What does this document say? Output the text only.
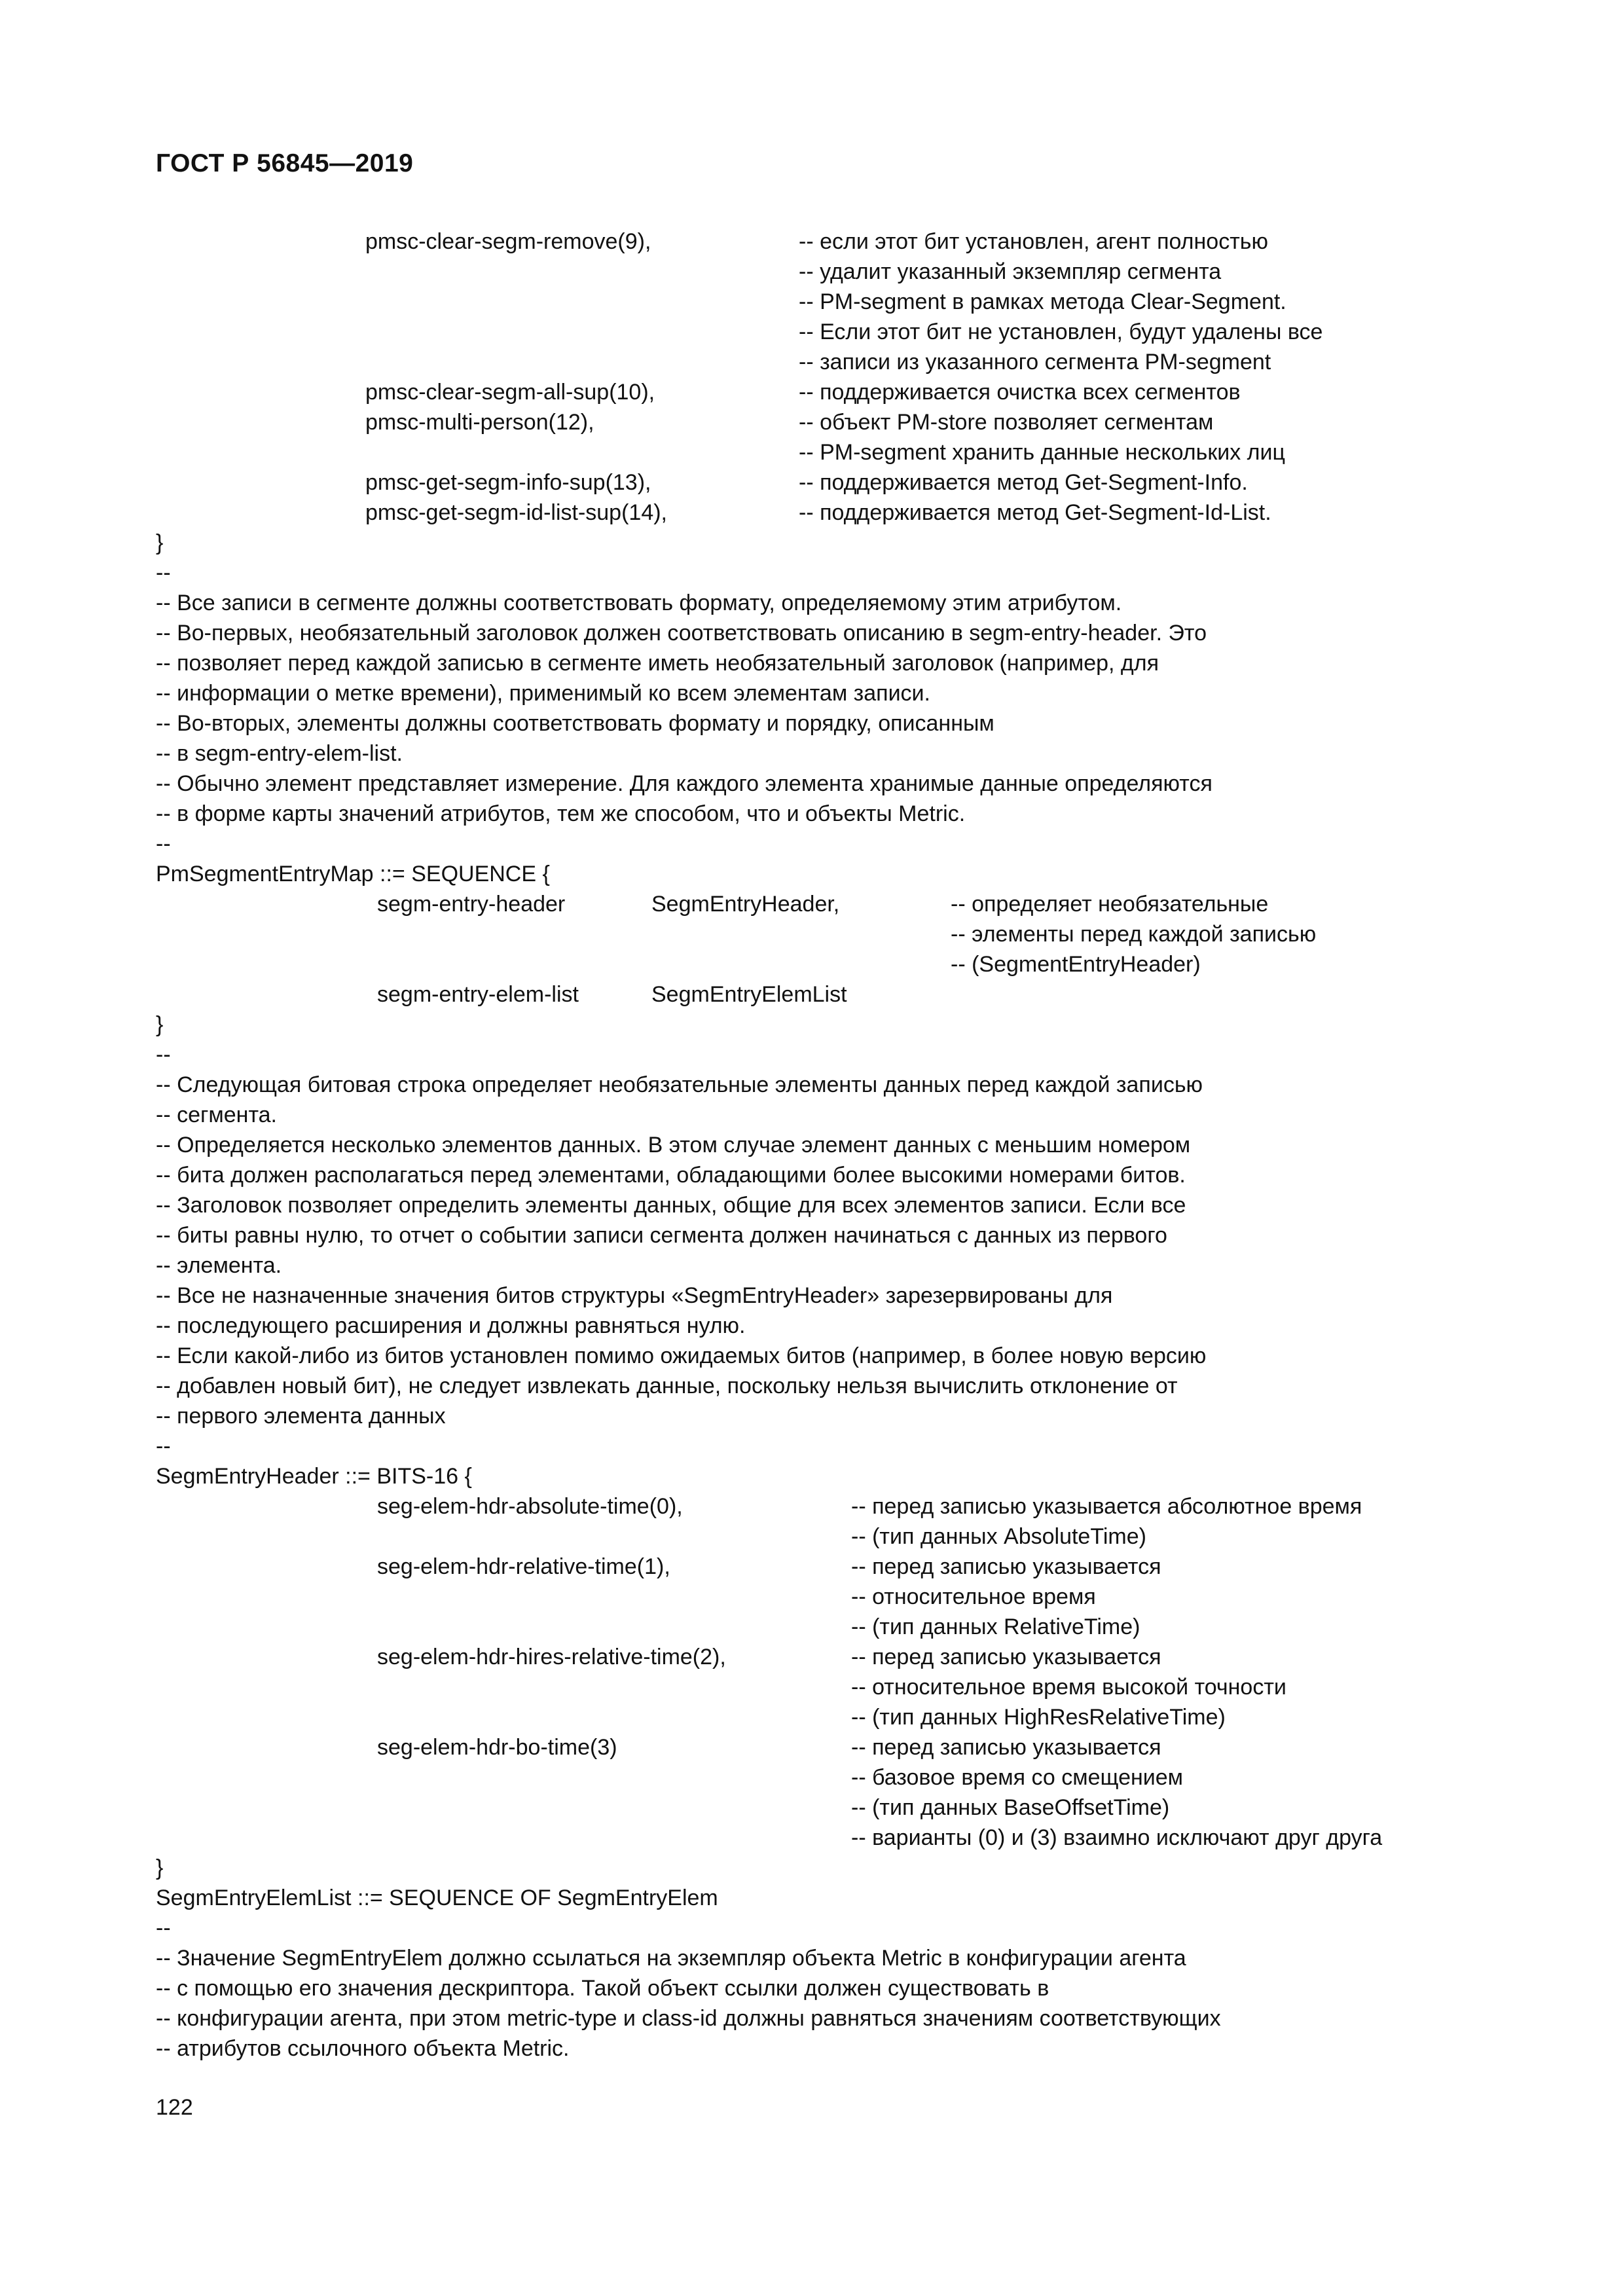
ГОСТ Р 56845—2019
pmsc-clear-segm-remove(9),	-- если этот бит установлен, агент полностью
-- удалит указанный экземпляр сегмента
-- PM-segment в рамках метода Clear-Segment.
-- Если этот бит не установлен, будут удалены все
-- записи из указанного сегмента PM-segment
pmsc-clear-segm-all-sup(10),	-- поддерживается очистка всех сегментов
pmsc-multi-person(12),	-- объект PM-store позволяет сегментам
-- PM-segment хранить данные нескольких лиц
pmsc-get-segm-info-sup(13),	-- поддерживается метод Get-Segment-Info.
pmsc-get-segm-id-list-sup(14),	-- поддерживается метод Get-Segment-Id-List.
}
--
-- Все записи в сегменте должны соответствовать формату, определяемому этим атрибутом.
-- Во-первых, необязательный заголовок должен соответствовать описанию в segm-entry-header. Это
-- позволяет перед каждой записью в сегменте иметь необязательный заголовок (например, для
-- информации о метке времени), применимый ко всем элементам записи.
-- Во-вторых, элементы должны соответствовать формату и порядку, описанным
-- в segm-entry-elem-list.
-- Обычно элемент представляет измерение. Для каждого элемента хранимые данные определяются
-- в форме карты значений атрибутов, тем же способом, что и объекты Metric.
--
PmSegmentEntryMap ::= SEQUENCE {
segm-entry-header	SegmEntryHeader,	-- определяет необязательные
-- элементы перед каждой записью
-- (SegmentEntryHeader)
segm-entry-elem-list	SegmEntryElemList
}
--
-- Следующая битовая строка определяет необязательные элементы данных перед каждой записью
-- сегмента.
-- Определяется несколько элементов данных. В этом случае элемент данных с меньшим номером
-- бита должен располагаться перед элементами, обладающими более высокими номерами битов.
-- Заголовок позволяет определить элементы данных, общие для всех элементов записи. Если все
-- биты равны нулю, то отчет о событии записи сегмента должен начинаться с данных из первого
-- элемента.
-- Все не назначенные значения битов структуры «SegmEntryHeader» зарезервированы для
-- последующего расширения и должны равняться нулю.
-- Если какой-либо из битов установлен помимо ожидаемых битов (например, в более новую версию
-- добавлен новый бит), не следует извлекать данные, поскольку нельзя вычислить отклонение от
-- первого элемента данных
--
SegmEntryHeader ::= BITS-16 {
seg-elem-hdr-absolute-time(0),	-- перед записью указывается абсолютное время
-- (тип данных AbsoluteTime)
seg-elem-hdr-relative-time(1),	-- перед записью указывается
-- относительное время
-- (тип данных RelativeTime)
seg-elem-hdr-hires-relative-time(2),	-- перед записью указывается
-- относительное время высокой точности
-- (тип данных HighResRelativeTime)
seg-elem-hdr-bo-time(3)	-- перед записью указывается
-- базовое время со смещением
-- (тип данных BaseOffsetTime)
-- варианты (0) и (3) взаимно исключают друг друга
}
SegmEntryElemList ::= SEQUENCE OF SegmEntryElem
--
-- Значение SegmEntryElem должно ссылаться на экземпляр объекта Metric в конфигурации агента
-- с помощью его значения дескриптора. Такой объект ссылки должен существовать в
-- конфигурации агента, при этом metric-type и class-id должны равняться значениям соответствующих
-- атрибутов ссылочного объекта Metric.
122
